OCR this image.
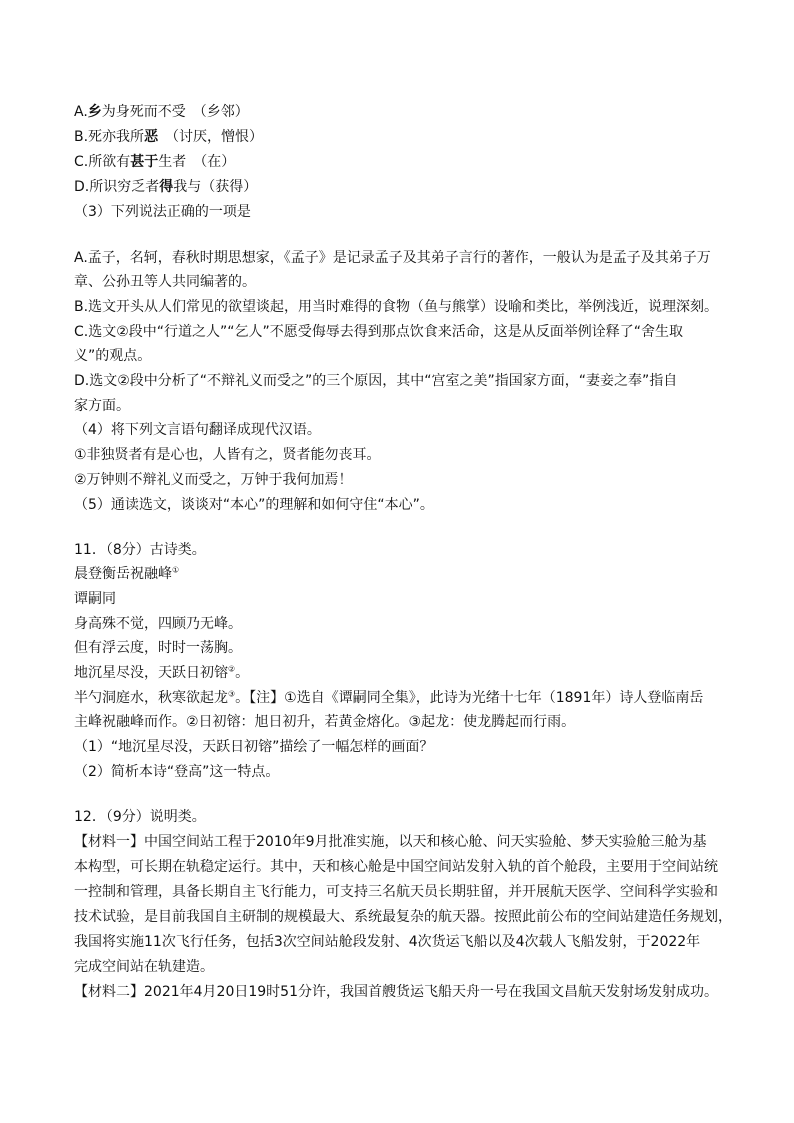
A.乡为身死而不受　（乡邻）
B.死亦我所恶　（讨厌，憎恨）
C.所欲有甚于生者　（在）
D.所识穷乏者得我与（获得）
（3）下列说法正确的一项是
A.孟子，名轲，春秋时期思想家，《孟子》是记录孟子及其弟子言行的著作，一般认为是孟子及其弟子万
章、公孙丑等人共同编著的。
B.选文开头从人们常见的欲望谈起，用当时难得的食物（鱼与熊掌）设喻和类比，举例浅近，说理深刻。
C.选文②段中“行道之人”“乞人”不愿受侮辱去得到那点饮食来活命，这是从反面举例诠释了“舍生取
义”的观点。
D.选文②段中分析了“不辩礼义而受之”的三个原因，其中“宫室之美”指国家方面，“妻妾之奉”指自
家方面。
（4）将下列文言语句翻译成现代汉语。
①非独贤者有是心也，人皆有之，贤者能勿丧耳。
②万钟则不辩礼义而受之，万钟于我何加焉！
（5）通读选文，谈谈对“本心”的理解和如何守住“本心”。
11．（8分）古诗类。
晨登衡岳祝融峰①
谭嗣同
身高殊不觉，四顾乃无峰。
但有浮云度，时时一荡胸。
地沉星尽没，天跃日初镕②。
半勺洞庭水，秋寒欲起龙③。【注】①选自《谭嗣同全集》，此诗为光绪十七年（1891年）诗人登临南岳
主峰祝融峰而作。②日初镕：旭日初升，若黄金熔化。③起龙：使龙腾起而行雨。
（1）“地沉星尽没，天跃日初镕”描绘了一幅怎样的画面？
（2）简析本诗“登高”这一特点。
12．（9分）说明类。
【材料一】中国空间站工程于2010年9月批准实施，以天和核心舱、问天实验舱、梦天实验舱三舱为基
本构型，可长期在轨稳定运行。其中，天和核心舱是中国空间站发射入轨的首个舱段，主要用于空间站统
一控制和管理，具备长期自主飞行能力，可支持三名航天员长期驻留，并开展航天医学、空间科学实验和
技术试验，是目前我国自主研制的规模最大、系统最复杂的航天器。按照此前公布的空间站建造任务规划，
我国将实施11次飞行任务，包括3次空间站舱段发射、4次货运飞船以及4次载人飞船发射，于2022年
完成空间站在轨建造。
【材料二】2021年4月20日19时51分许，我国首艘货运飞船天舟一号在我国文昌航天发射场发射成功。
